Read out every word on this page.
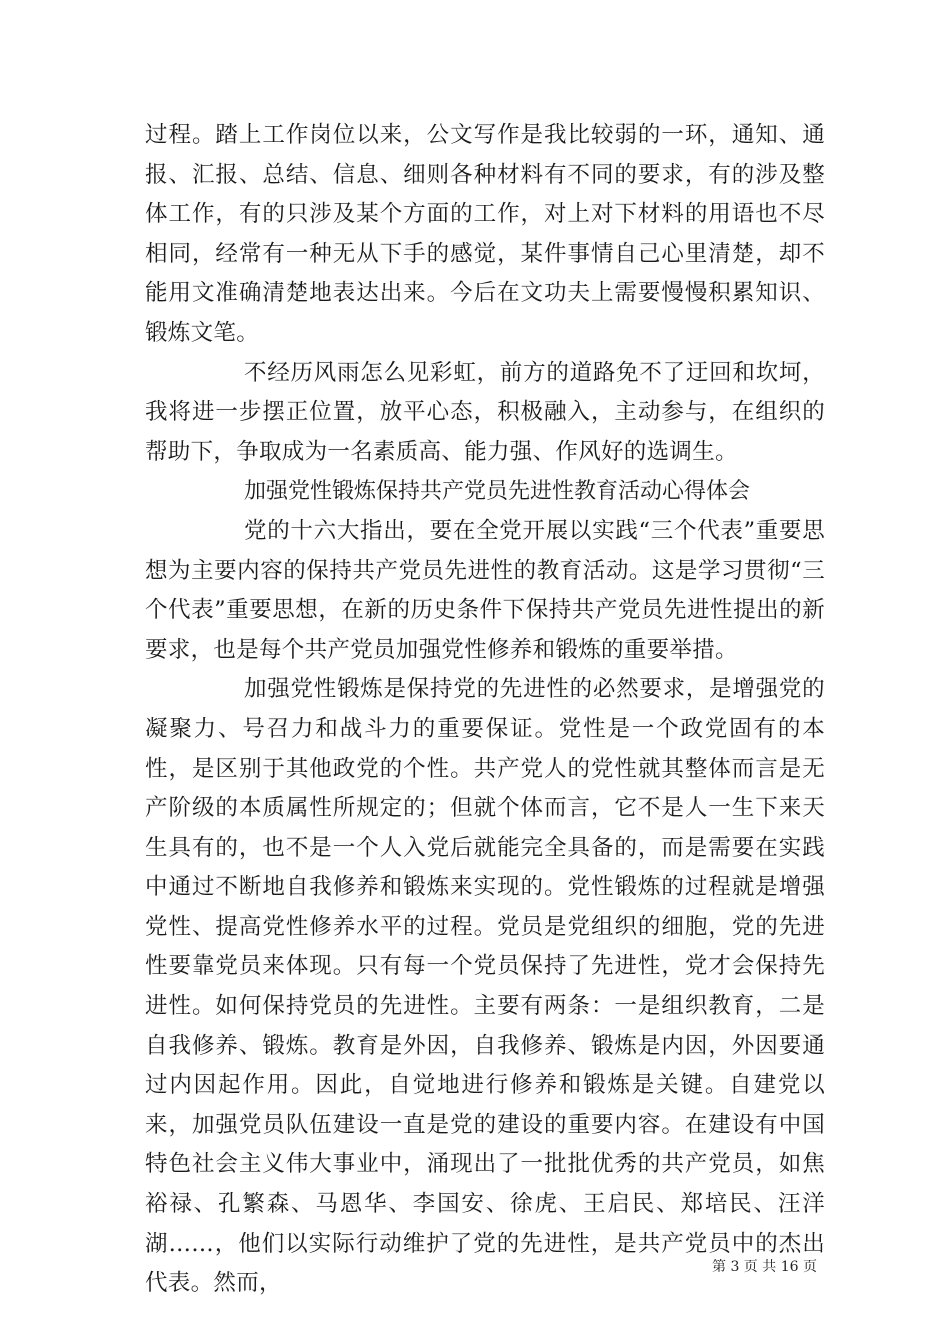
过程。踏上工作岗位以来，公文写作是我比较弱的一环，通知、通报、汇报、总结、信息、细则各种材料有不同的要求，有的涉及整体工作，有的只涉及某个方面的工作，对上对下材料的用语也不尽相同，经常有一种无从下手的感觉，某件事情自己心里清楚，却不能用文准确清楚地表达出来。今后在文功夫上需要慢慢积累知识、锻炼文笔。

不经历风雨怎么见彩虹，前方的道路免不了迂回和坎坷，我将进一步摆正位置，放平心态，积极融入，主动参与，在组织的帮助下，争取成为一名素质高、能力强、作风好的选调生。

加强党性锻炼保持共产党员先进性教育活动心得体会

党的十六大指出，要在全党开展以实践“三个代表”重要思想为主要内容的保持共产党员先进性的教育活动。这是学习贯彻“三个代表”重要思想，在新的历史条件下保持共产党员先进性提出的新要求，也是每个共产党员加强党性修养和锻炼的重要举措。

加强党性锻炼是保持党的先进性的必然要求，是增强党的凝聚力、号召力和战斗力的重要保证。党性是一个政党固有的本性，是区别于其他政党的个性。共产党人的党性就其整体而言是无产阶级的本质属性所规定的；但就个体而言，它不是人一生下来天生具有的，也不是一个人入党后就能完全具备的，而是需要在实践中通过不断地自我修养和锻炼来实现的。党性锻炼的过程就是增强党性、提高党性修养水平的过程。党员是党组织的细胞，党的先进性要靠党员来体现。只有每一个党员保持了先进性，党才会保持先进性。如何保持党员的先进性。主要有两条：一是组织教育，二是自我修养、锻炼。教育是外因，自我修养、锻炼是内因，外因要通过内因起作用。因此，自觉地进行修养和锻炼是关键。自建党以来，加强党员队伍建设一直是党的建设的重要内容。在建设有中国特色社会主义伟大事业中，涌现出了一批批优秀的共产党员，如焦裕禄、孔繁森、马恩华、李国安、徐虎、王启民、郑培民、汪洋湖……，他们以实际行动维护了党的先进性，是共产党员中的杰出代表。然而，

第 3 页 共 16 页
